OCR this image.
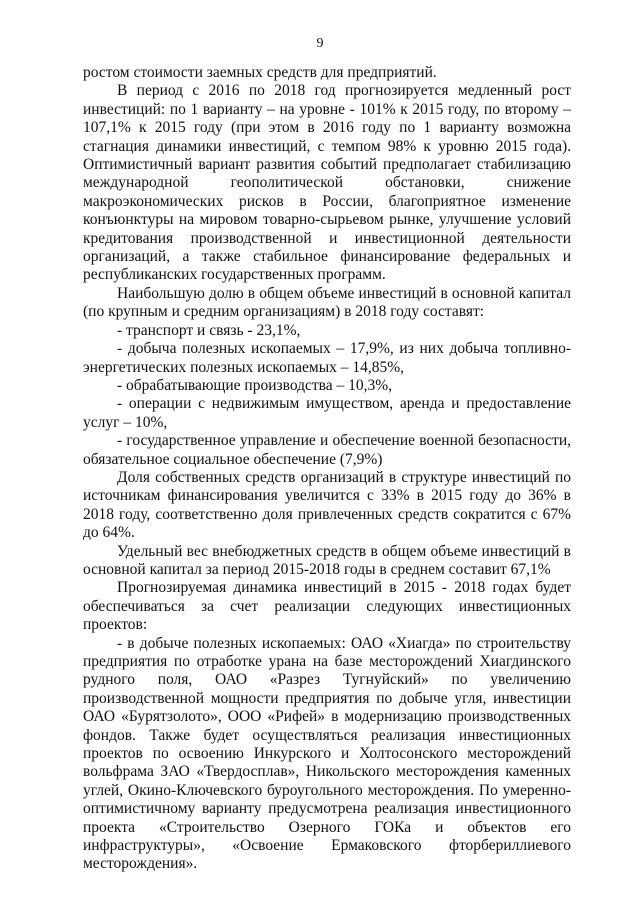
9

ростом стоимости заемных средств для предприятий.

В период с 2016 по 2018 год прогнозируется медленный рост инвестиций: по 1 варианту – на уровне - 101% к 2015 году, по второму – 107,1% к 2015 году (при этом в 2016 году по 1 варианту возможна стагнация динамики инвестиций, с темпом 98% к уровню 2015 года). Оптимистичный вариант развития событий предполагает стабилизацию международной геополитической обстановки, снижение макроэкономических рисков в России, благоприятное изменение конъюнктуры на мировом товарно-сырьевом рынке, улучшение условий кредитования производственной и инвестиционной деятельности организаций, а также стабильное финансирование федеральных и республиканских государственных программ.

Наибольшую долю в общем объеме инвестиций в основной капитал (по крупным и средним организациям) в 2018 году составят:

- транспорт и связь - 23,1%,

- добыча полезных ископаемых – 17,9%, из них добыча топливно-энергетических полезных ископаемых – 14,85%,

- обрабатывающие производства – 10,3%,

- операции с недвижимым имуществом, аренда и предоставление услуг – 10%,

- государственное управление и обеспечение военной безопасности, обязательное социальное обеспечение (7,9%)

Доля собственных средств организаций в структуре инвестиций по источникам финансирования увеличится с 33% в 2015 году до 36% в 2018 году, соответственно доля привлеченных средств сократится с 67% до 64%.

Удельный вес внебюджетных средств в общем объеме инвестиций в основной капитал за период 2015-2018 годы в среднем составит 67,1%

Прогнозируемая динамика инвестиций в 2015 - 2018 годах будет обеспечиваться за счет реализации следующих инвестиционных проектов:

- в добыче полезных ископаемых: ОАО «Хиагда» по строительству предприятия по отработке урана на базе месторождений Хиагдинского рудного поля, ОАО «Разрез Тугнуйский» по увеличению производственной мощности предприятия по добыче угля, инвестиции ОАО «Бурятзолото», ООО «Рифей» в модернизацию производственных фондов. Также будет осуществляться реализация инвестиционных проектов по освоению Инкурского и Холтосонского месторождений вольфрама ЗАО «Твердосплав», Никольского месторождения каменных углей, Окино-Ключевского буроугольного месторождения. По умеренно-оптимистичному варианту предусмотрена реализация инвестиционного проекта «Строительство Озерного ГОКа и объектов его инфраструктуры», «Освоение Ермаковского фторбериллиевого месторождения».
